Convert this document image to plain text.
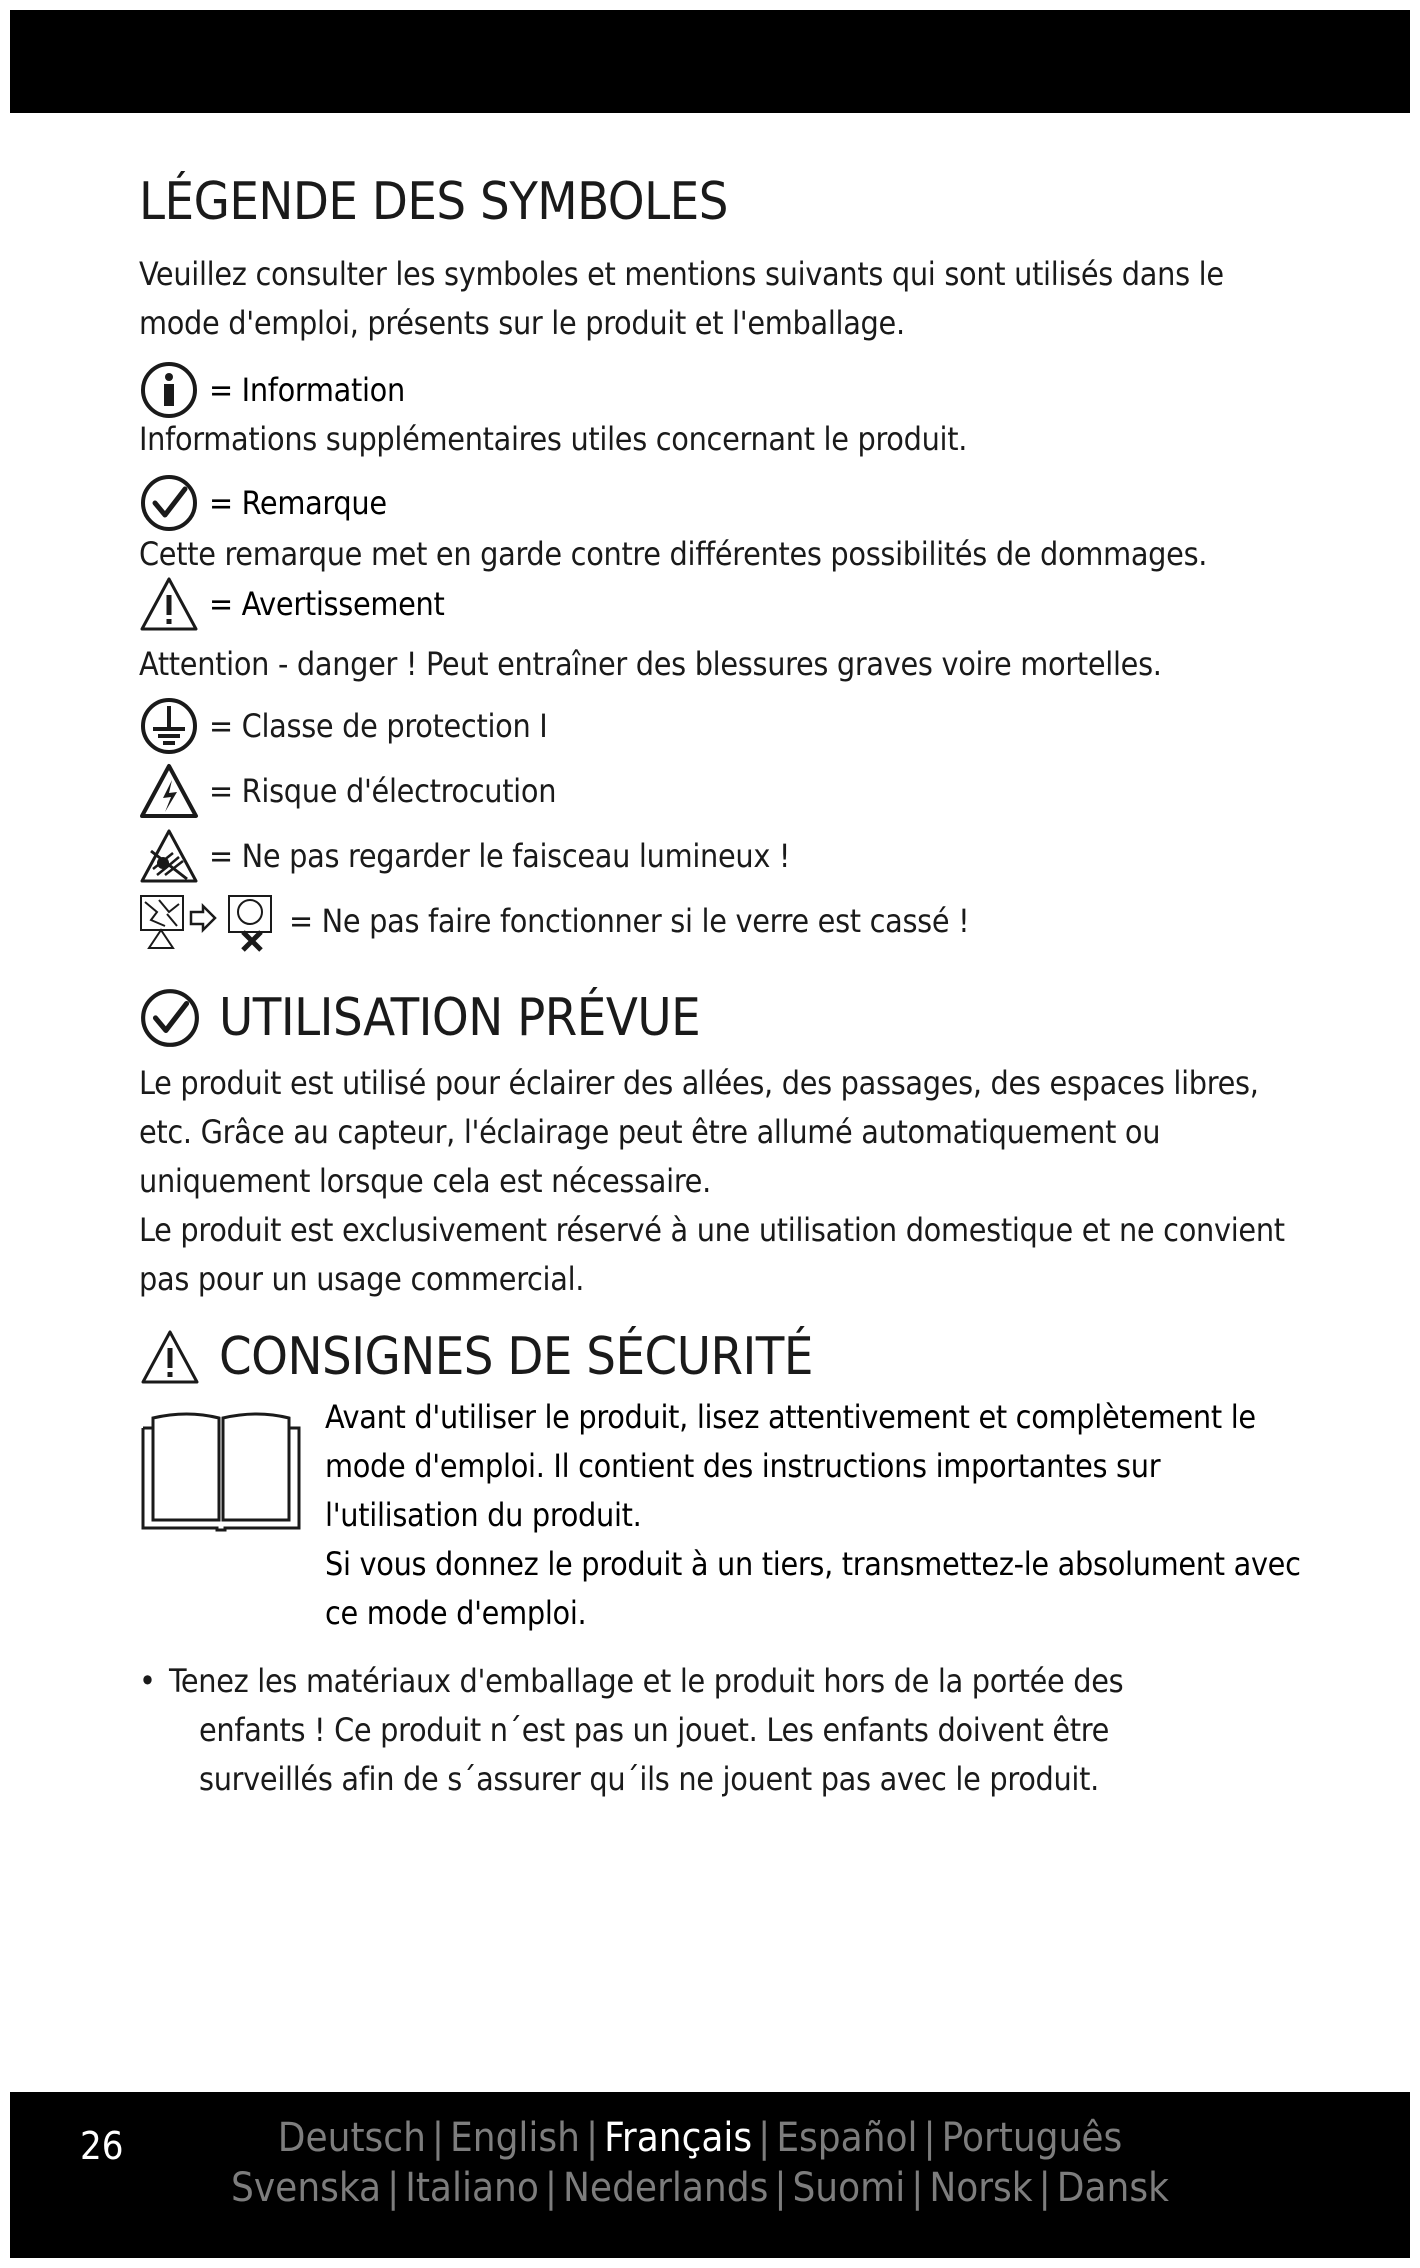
LÉGENDE DES SYMBOLES

Veuillez consulter les symboles et mentions suivants qui sont utilisés dans le mode d'emploi, présents sur le produit et l'emballage.

= Information

Informations supplémentaires utiles concernant le produit.

= Remarque

Cette remarque met en garde contre différentes possibilités de dommages.

= Avertissement

Attention - danger ! Peut entraîner des blessures graves voire mortelles.

= Classe de protection I
= Risque d'électrocution
= Ne pas regarder le faisceau lumineux !
= Ne pas faire fonctionner si le verre est cassé !
UTILISATION PRÉVUE

Le produit est utilisé pour éclairer des allées, des passages, des espaces libres, etc. Grâce au capteur, l'éclairage peut être allumé automatiquement ou uniquement lorsque cela est nécessaire.

Le produit est exclusivement réservé à une utilisation domestique et ne convient pas pour un usage commercial.

CONSIGNES DE SÉCURITÉ
Avant d'utiliser le produit, lisez attentivement et complètement le mode d'emploi. Il contient des instructions importantes sur l'utilisation du produit.
Si vous donnez le produit à un tiers, transmettez-le absolument avec ce mode d'emploi.
• Tenez les matériaux d'emballage et le produit hors de la portée des enfants ! Ce produit n´est pas un jouet. Les enfants doivent être surveillés afin de s´assurer qu´ils ne jouent pas avec le produit.
26	Deutsch | English | Français | Español | Português
Svenska | Italiano | Nederlands | Suomi | Norsk | Dansk
